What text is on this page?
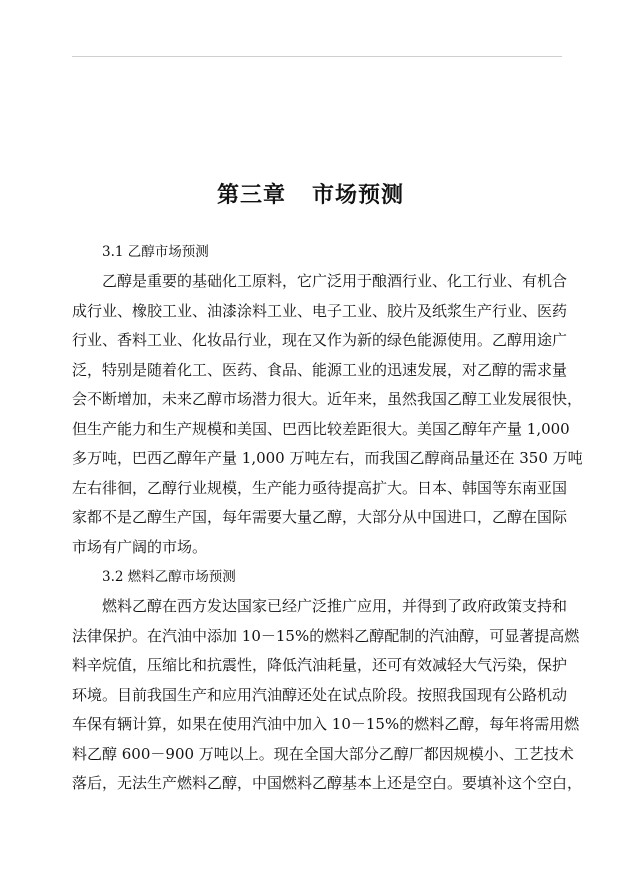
第三章 市场预测

3.1 乙醇市场预测

乙醇是重要的基础化工原料，它广泛用于酿酒行业、化工行业、有机合

成行业、橡胶工业、油漆涂料工业、电子工业、胶片及纸浆生产行业、医药

行业、香料工业、化妆品行业，现在又作为新的绿色能源使用。乙醇用途广

泛，特别是随着化工、医药、食品、能源工业的迅速发展，对乙醇的需求量

会不断增加，未来乙醇市场潜力很大。近年来，虽然我国乙醇工业发展很快，

但生产能力和生产规模和美国、巴西比较差距很大。美国乙醇年产量 1,000

多万吨，巴西乙醇年产量 1,000 万吨左右，而我国乙醇商品量还在 350 万吨

左右徘徊，乙醇行业规模，生产能力亟待提高扩大。日本、韩国等东南亚国

家都不是乙醇生产国，每年需要大量乙醇，大部分从中国进口，乙醇在国际

市场有广阔的市场。

3.2 燃料乙醇市场预测

燃料乙醇在西方发达国家已经广泛推广应用，并得到了政府政策支持和

法律保护。在汽油中添加 10－15%的燃料乙醇配制的汽油醇，可显著提高燃

料辛烷值，压缩比和抗震性，降低汽油耗量，还可有效减轻大气污染，保护

环境。目前我国生产和应用汽油醇还处在试点阶段。按照我国现有公路机动

车保有辆计算，如果在使用汽油中加入 10－15%的燃料乙醇，每年将需用燃

料乙醇 600－900 万吨以上。现在全国大部分乙醇厂都因规模小、工艺技术

落后，无法生产燃料乙醇，中国燃料乙醇基本上还是空白。要填补这个空白，
